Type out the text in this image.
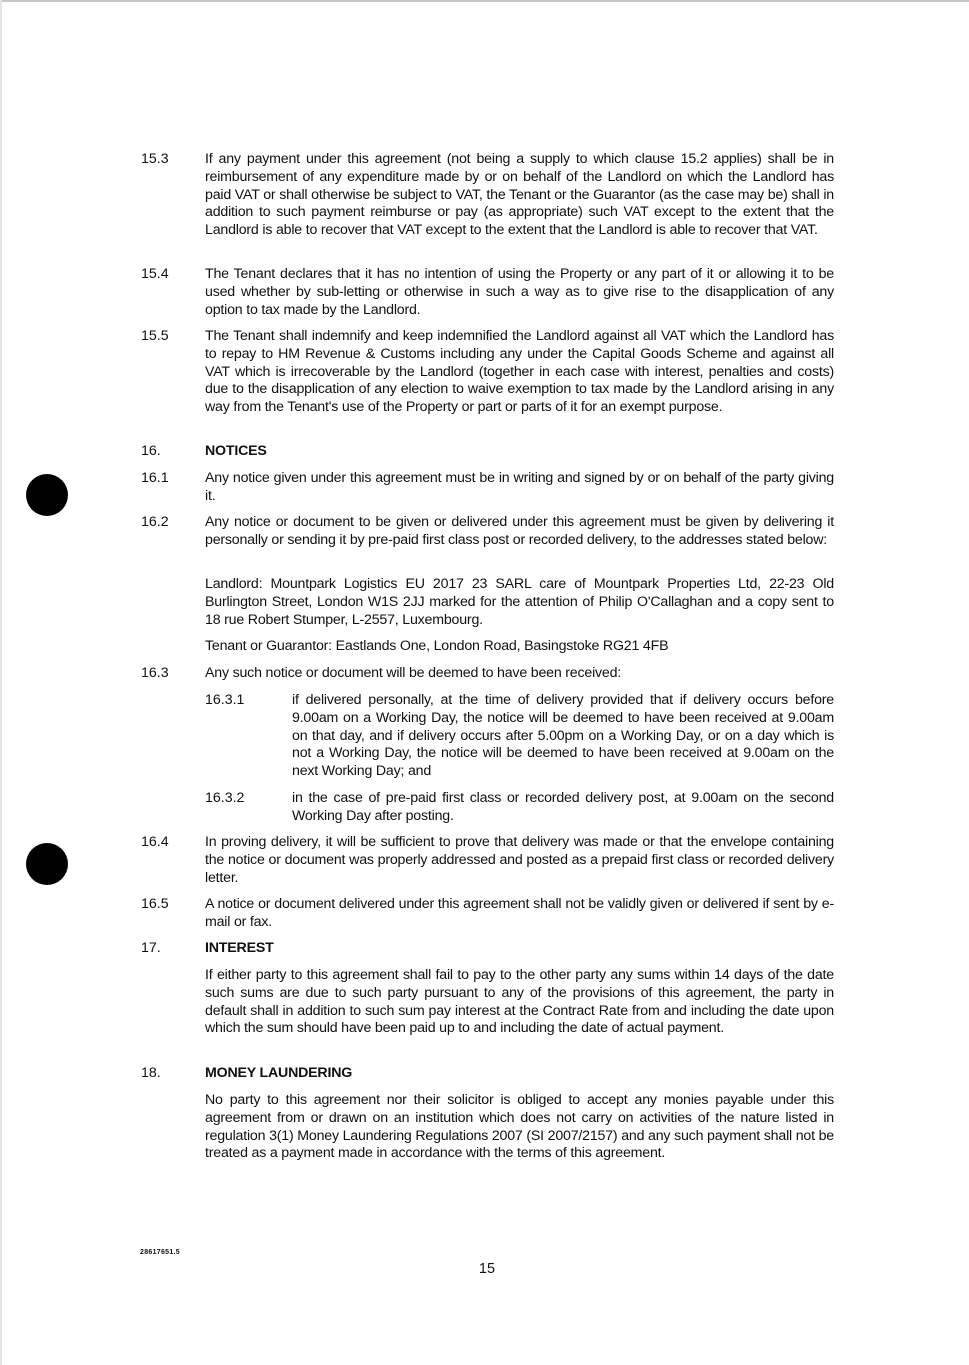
15.3	If any payment under this agreement (not being a supply to which clause 15.2 applies) shall be in reimbursement of any expenditure made by or on behalf of the Landlord on which the Landlord has paid VAT or shall otherwise be subject to VAT, the Tenant or the Guarantor (as the case may be) shall in addition to such payment reimburse or pay (as appropriate) such VAT except to the extent that the Landlord is able to recover that VAT except to the extent that the Landlord is able to recover that VAT.

15.4	The Tenant declares that it has no intention of using the Property or any part of it or allowing it to be used whether by sub-letting or otherwise in such a way as to give rise to the disapplication of any option to tax made by the Landlord.

15.5	The Tenant shall indemnify and keep indemnified the Landlord against all VAT which the Landlord has to repay to HM Revenue & Customs including any under the Capital Goods Scheme and against all VAT which is irrecoverable by the Landlord (together in each case with interest, penalties and costs) due to the disapplication of any election to waive exemption to tax made by the Landlord arising in any way from the Tenant's use of the Property or part or parts of it for an exempt purpose.

16.	NOTICES

16.1	Any notice given under this agreement must be in writing and signed by or on behalf of the party giving it.

16.2	Any notice or document to be given or delivered under this agreement must be given by delivering it personally or sending it by pre-paid first class post or recorded delivery, to the addresses stated below:

Landlord: Mountpark Logistics EU 2017 23 SARL care of Mountpark Properties Ltd, 22-23 Old Burlington Street, London W1S 2JJ marked for the attention of Philip O'Callaghan and a copy sent to 18 rue Robert Stumper, L-2557, Luxembourg.

Tenant or Guarantor: Eastlands One, London Road, Basingstoke RG21 4FB

16.3	Any such notice or document will be deemed to have been received:

16.3.1	if delivered personally, at the time of delivery provided that if delivery occurs before 9.00am on a Working Day, the notice will be deemed to have been received at 9.00am on that day, and if delivery occurs after 5.00pm on a Working Day, or on a day which is not a Working Day, the notice will be deemed to have been received at 9.00am on the next Working Day; and

16.3.2	in the case of pre-paid first class or recorded delivery post, at 9.00am on the second Working Day after posting.

16.4	In proving delivery, it will be sufficient to prove that delivery was made or that the envelope containing the notice or document was properly addressed and posted as a prepaid first class or recorded delivery letter.

16.5	A notice or document delivered under this agreement shall not be validly given or delivered if sent by e-mail or fax.

17.	INTEREST

If either party to this agreement shall fail to pay to the other party any sums within 14 days of the date such sums are due to such party pursuant to any of the provisions of this agreement, the party in default shall in addition to such sum pay interest at the Contract Rate from and including the date upon which the sum should have been paid up to and including the date of actual payment.

18.	MONEY LAUNDERING

No party to this agreement nor their solicitor is obliged to accept any monies payable under this agreement from or drawn on an institution which does not carry on activities of the nature listed in regulation 3(1) Money Laundering Regulations 2007 (SI 2007/2157) and any such payment shall not be treated as a payment made in accordance with the terms of this agreement.

28617651.5
15
